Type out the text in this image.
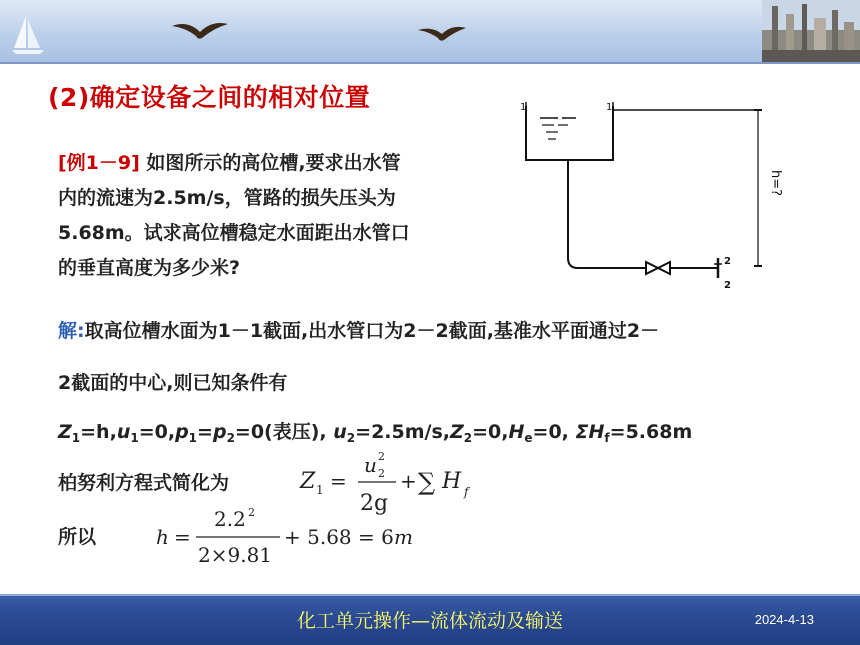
(2)确定设备之间的相对位置
[例1－9] 如图所示的高位槽,要求出水管
内的流速为2.5m/s，管路的损失压头为
5.68m。试求高位槽稳定水面距出水管口
的垂直高度为多少米?
1	1
h=?
2
2
解:取高位槽水面为1－1截面,出水管口为2－2截面,基准水平面通过2－
2截面的中心,则已知条件有
$Z_1=h,u_1=0,p_1=p_2=0$(表压), $u_2=2.5m/s,Z_2=0,H_e=0$, $\Sigma H_f=5.68m$
柏努利方程式简化为	Z 1 =
u 2
2
2g
+ ∑ H f
所以	h =
2.2 2
2×9.81
+ 5.68 = 6 m
化工单元操作—流体流动及输送	2024-4-13
